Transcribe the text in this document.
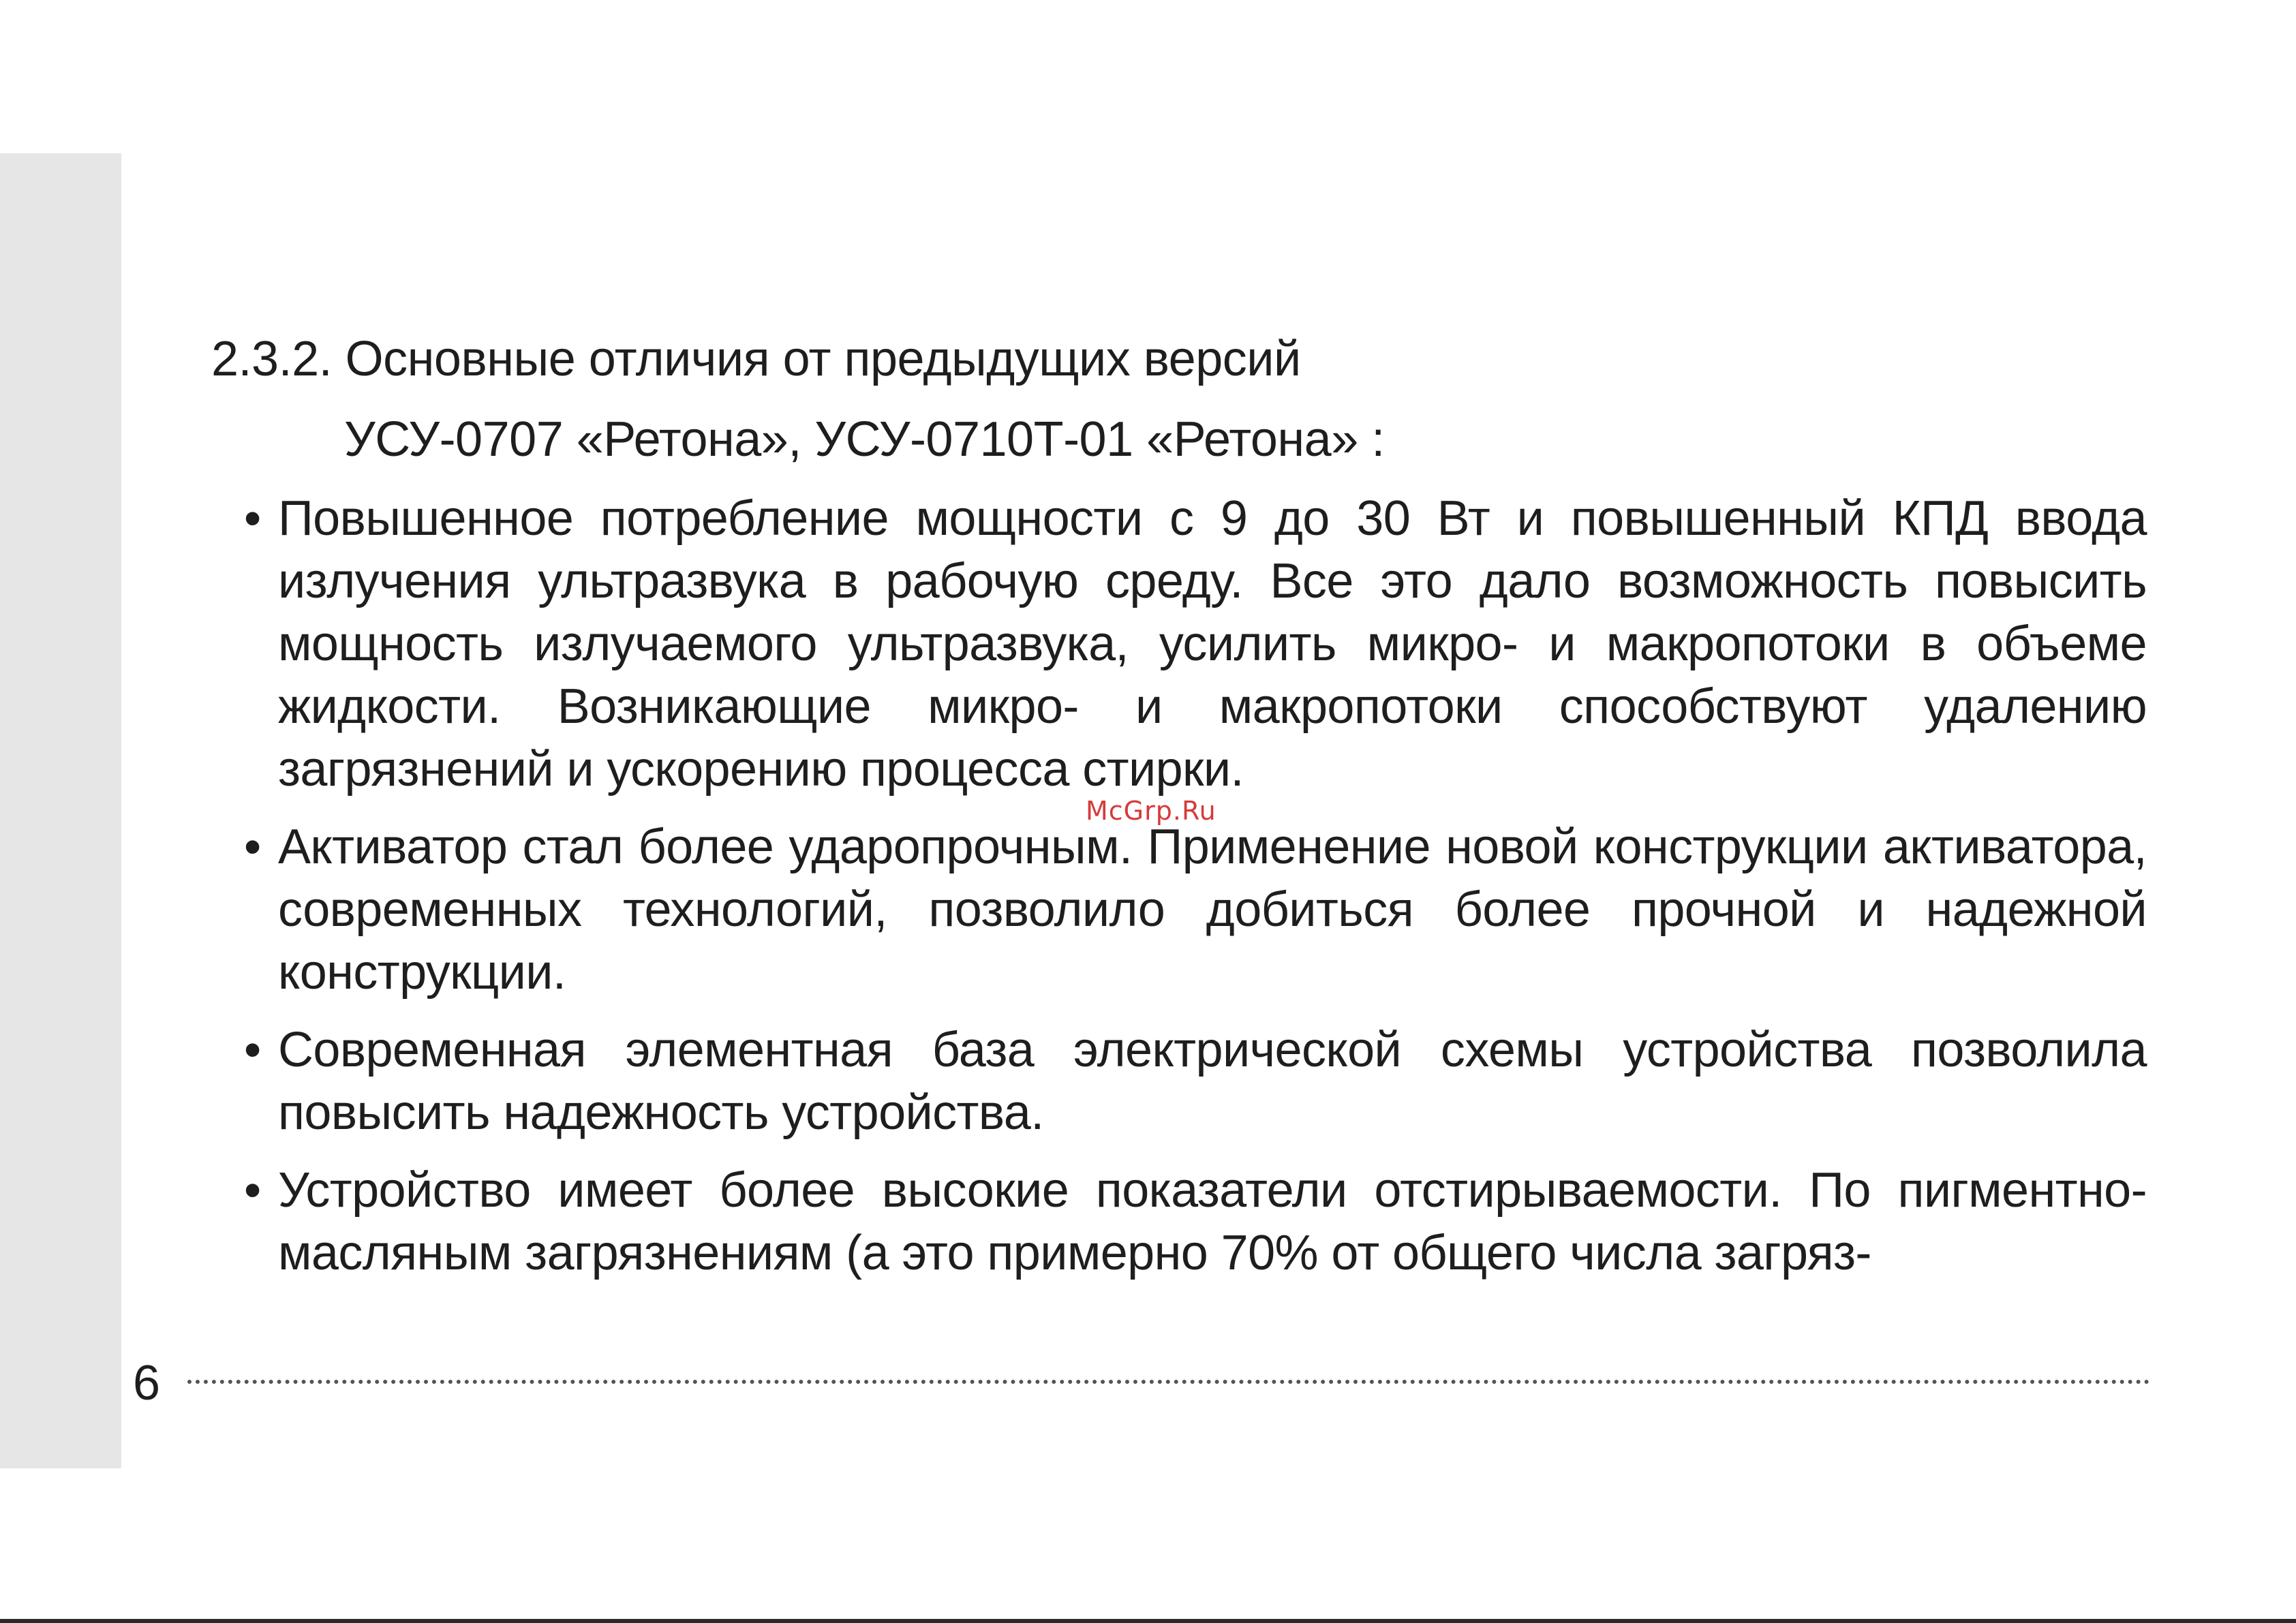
2.3.2. Основные отличия от предыдущих версий
УСУ-0707 «Ретона», УСУ-0710Т-01 «Ретона» :
• Повышенное потребление мощности с 9 до 30 Вт и повышенный КПД ввода излучения ультразвука в рабочую среду. Все это дало возможность повысить мощность излучаемого ультразвука, усилить микро- и макропотоки в объеме жидкости. Возникающие микро- и макропотоки способствуют удалению загрязнений и ускорению процесса стирки.
• Активатор стал более ударопрочным. Применение новой конструкции активатора, современных технологий, позволило добиться более прочной и надежной конструкции.
• Современная элементная база электрической схемы устройства позволила повысить надежность устройства.
• Устройство имеет более высокие показатели отстирываемости. По пигментно-масляным загрязнениям (а это примерно 70% от общего числа загряз-
McGrp.Ru
6
